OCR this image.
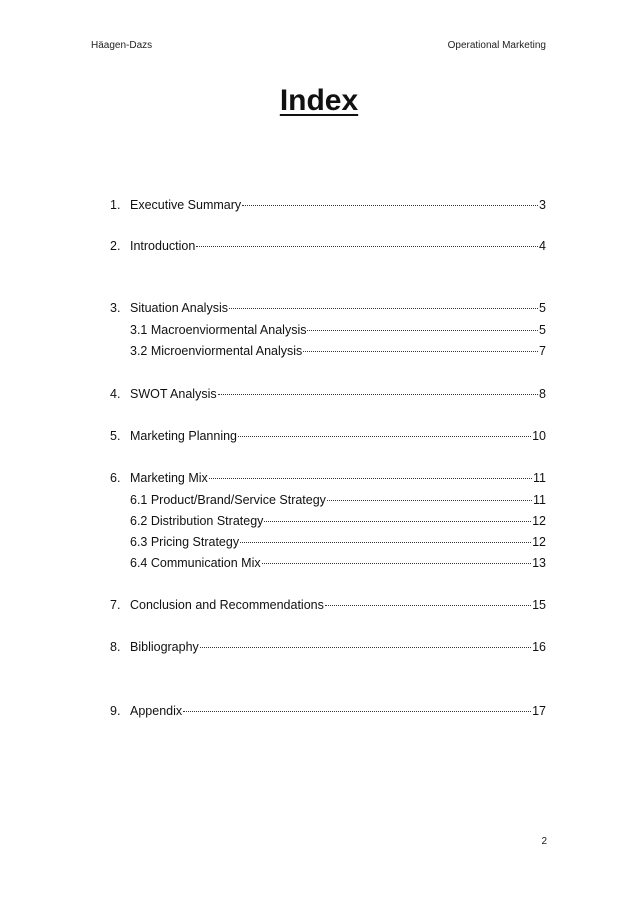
Häagen-Dazs	Operational Marketing
Index
1. Executive Summary	3
2. Introduction	4
3. Situation Analysis	5
3.1 Macroenviormental Analysis	5
3.2 Microenviormental Analysis	7
4. SWOT Analysis	8
5. Marketing Planning	10
6. Marketing Mix	11
6.1 Product/Brand/Service Strategy	11
6.2 Distribution Strategy	12
6.3 Pricing Strategy	12
6.4 Communication Mix	13
7. Conclusion and Recommendations	15
8. Bibliography	16
9. Appendix	17
2
